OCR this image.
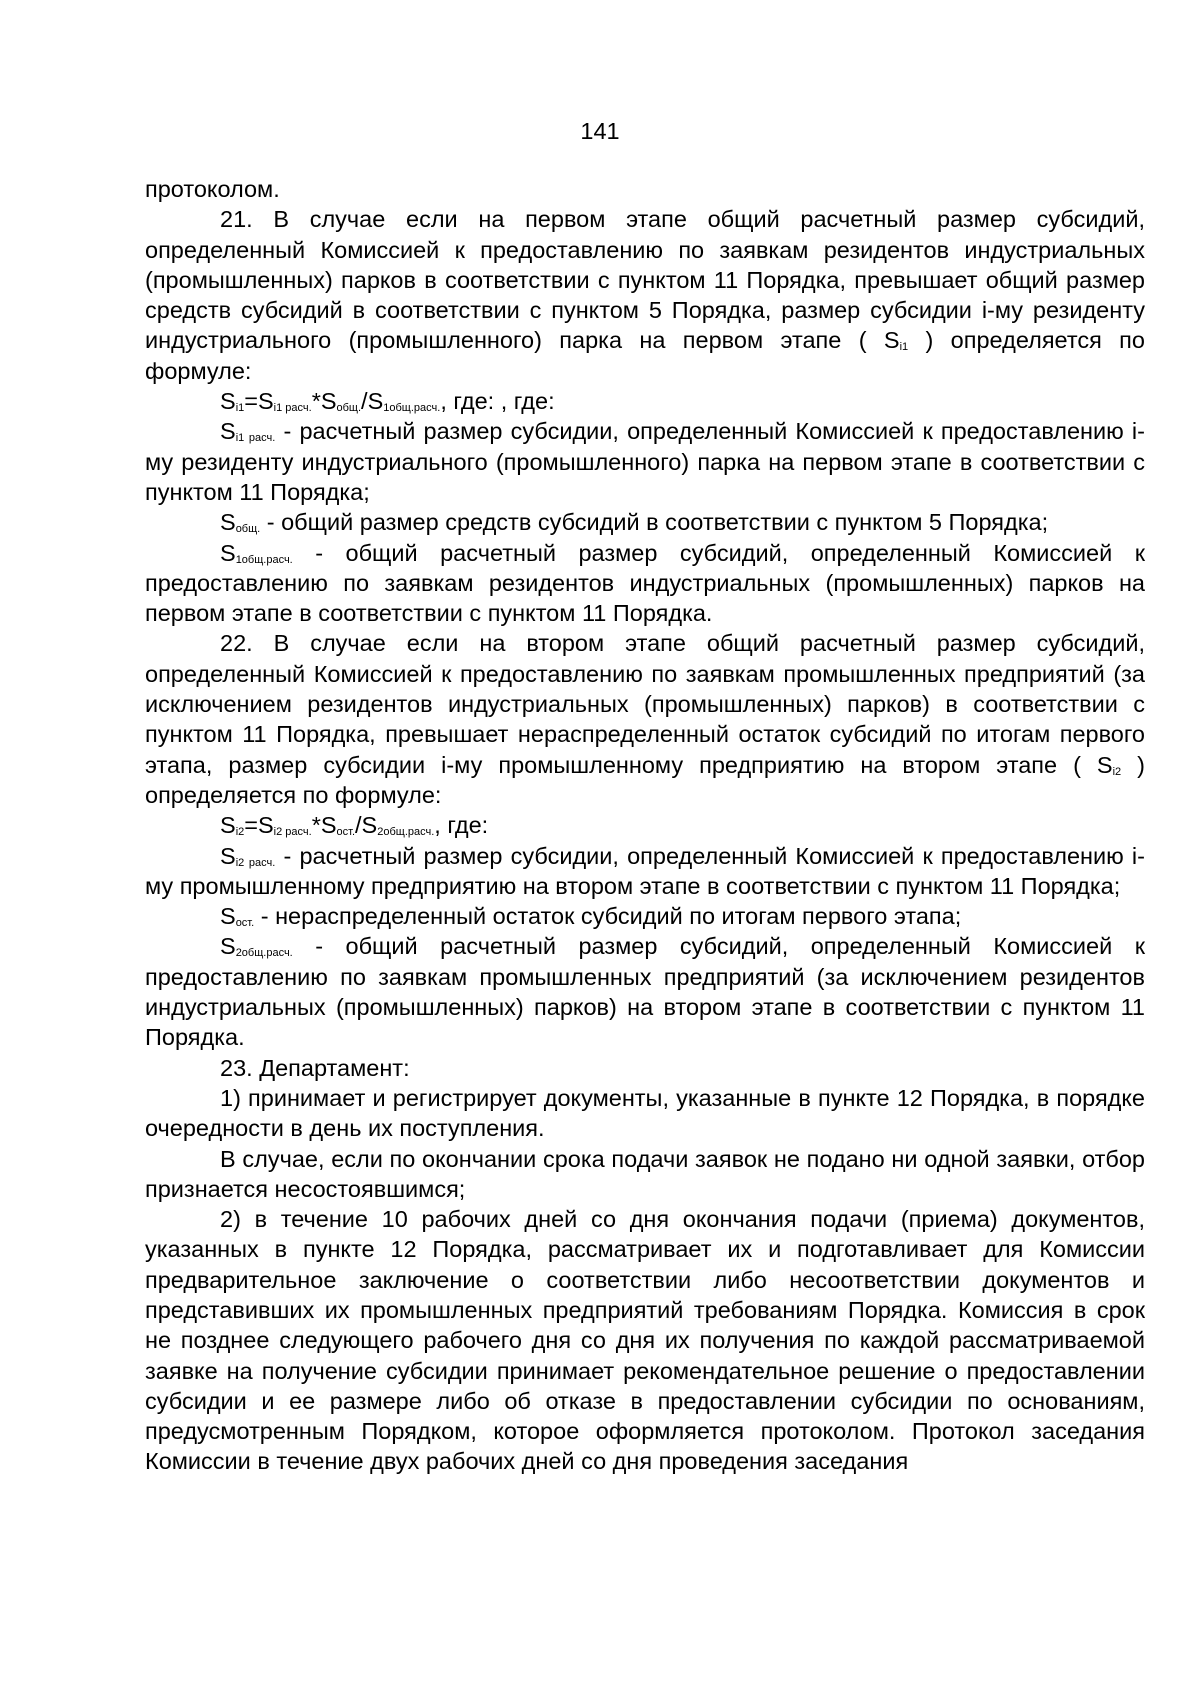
141

протоколом.

21. В случае если на первом этапе общий расчетный размер субсидий, определенный Комиссией к предоставлению по заявкам резидентов индустриальных (промышленных) парков в соответствии с пунктом 11 Порядка, превышает общий размер средств субсидий в соответствии с пунктом 5 Порядка, размер субсидии i-му резиденту индустриального (промышленного) парка на первом этапе ( $S_{i1}$ ) определяется по формуле:

$S_{i1}=S_{i1 расч.}*S_{общ.}/S_{1общ.расч.}$, где: , где:

$S_{i1 расч.}$ - расчетный размер субсидии, определенный Комиссией к предоставлению i-му резиденту индустриального (промышленного) парка на первом этапе в соответствии с пунктом 11 Порядка;

$S_{общ.}$ - общий размер средств субсидий в соответствии с пунктом 5 Порядка;

$S_{1общ.расч.}$ - общий расчетный размер субсидий, определенный Комиссией к предоставлению по заявкам резидентов индустриальных (промышленных) парков на первом этапе в соответствии с пунктом 11 Порядка.

22. В случае если на втором этапе общий расчетный размер субсидий, определенный Комиссией к предоставлению по заявкам промышленных предприятий (за исключением резидентов индустриальных (промышленных) парков) в соответствии с пунктом 11 Порядка, превышает нераспределенный остаток субсидий по итогам первого этапа, размер субсидии i-му промышленному предприятию на втором этапе ( $S_{i2}$ ) определяется по формуле:

$S_{i2}=S_{i2 расч.}*S_{ост.}/S_{2общ.расч.}$, где:

$S_{i2 расч.}$ - расчетный размер субсидии, определенный Комиссией к предоставлению i-му промышленному предприятию на втором этапе в соответствии с пунктом 11 Порядка;

$S_{ост.}$ - нераспределенный остаток субсидий по итогам первого этапа;

$S_{2общ.расч.}$ - общий расчетный размер субсидий, определенный Комиссией к предоставлению по заявкам промышленных предприятий (за исключением резидентов индустриальных (промышленных) парков) на втором этапе в соответствии с пунктом 11 Порядка.

23. Департамент:

1) принимает и регистрирует документы, указанные в пункте 12 Порядка, в порядке очередности в день их поступления.

В случае, если по окончании срока подачи заявок не подано ни одной заявки, отбор признается несостоявшимся;

2) в течение 10 рабочих дней со дня окончания подачи (приема) документов, указанных в пункте 12 Порядка, рассматривает их и подготавливает для Комиссии предварительное заключение о соответствии либо несоответствии документов и представивших их промышленных предприятий требованиям Порядка. Комиссия в срок не позднее следующего рабочего дня со дня их получения по каждой рассматриваемой заявке на получение субсидии принимает рекомендательное решение о предоставлении субсидии и ее размере либо об отказе в предоставлении субсидии по основаниям, предусмотренным Порядком, которое оформляется протоколом. Протокол заседания Комиссии в течение двух рабочих дней со дня проведения заседания
